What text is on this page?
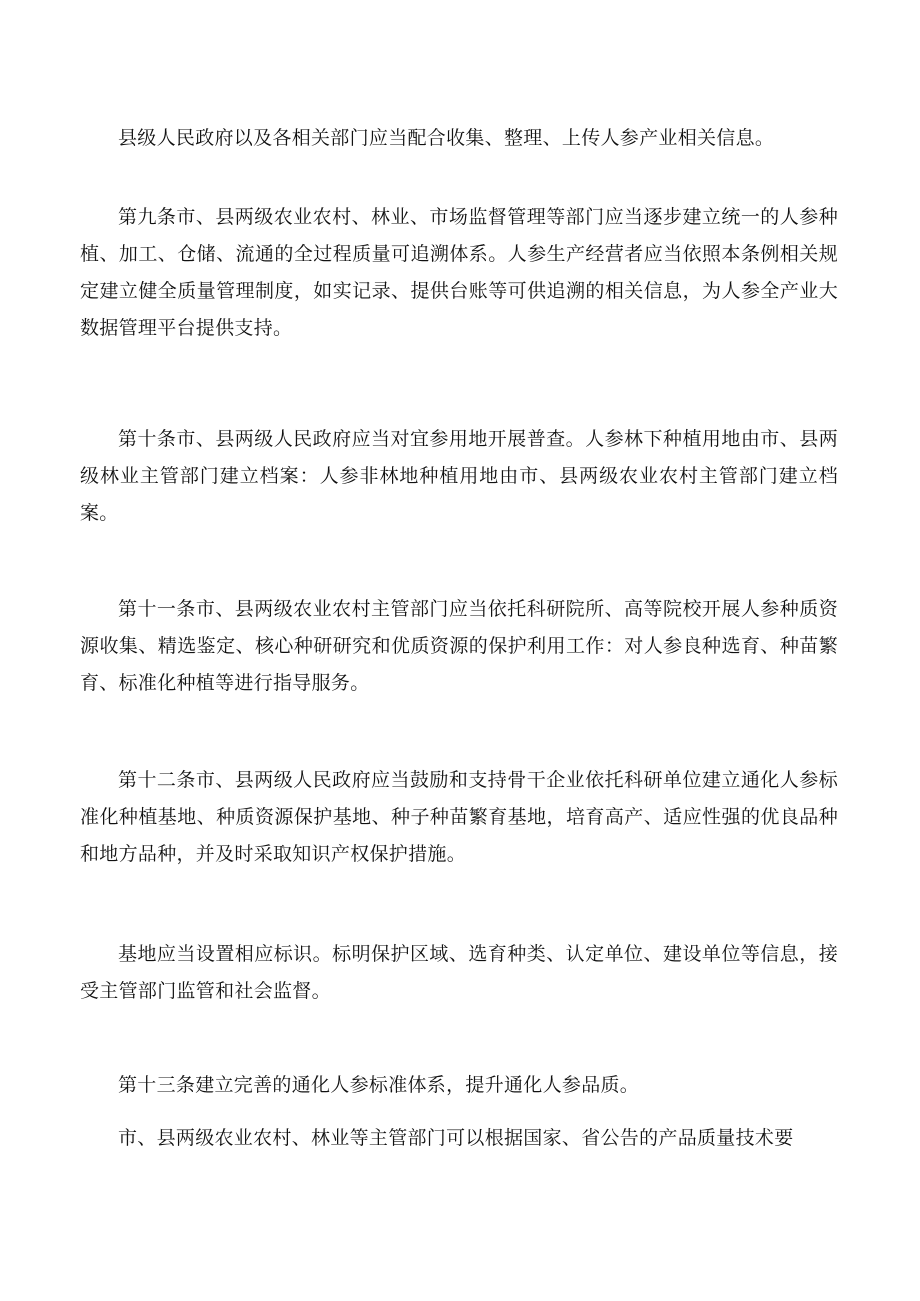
县级人民政府以及各相关部门应当配合收集、整理、上传人参产业相关信息。

第九条市、县两级农业农村、林业、市场监督管理等部门应当逐步建立统一的人参种植、加工、仓储、流通的全过程质量可追溯体系。人参生产经营者应当依照本条例相关规定建立健全质量管理制度，如实记录、提供台账等可供追溯的相关信息，为人参全产业大数据管理平台提供支持。

第十条市、县两级人民政府应当对宜参用地开展普查。人参林下种植用地由市、县两级林业主管部门建立档案：人参非林地种植用地由市、县两级农业农村主管部门建立档案。

第十一条市、县两级农业农村主管部门应当依托科研院所、高等院校开展人参种质资源收集、精选鉴定、核心种研研究和优质资源的保护利用工作：对人参良种选育、种苗繁育、标准化种植等进行指导服务。

第十二条市、县两级人民政府应当鼓励和支持骨干企业依托科研单位建立通化人参标准化种植基地、种质资源保护基地、种子种苗繁育基地，培育高产、适应性强的优良品种和地方品种，并及时采取知识产权保护措施。

基地应当设置相应标识。标明保护区域、选育种类、认定单位、建设单位等信息，接受主管部门监管和社会监督。

第十三条建立完善的通化人参标准体系，提升通化人参品质。

市、县两级农业农村、林业等主管部门可以根据国家、省公告的产品质量技术要
